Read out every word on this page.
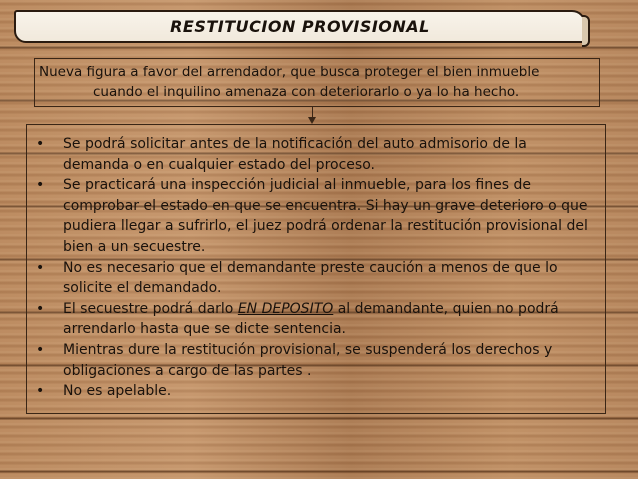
RESTITUCION PROVISIONAL
Nueva figura a favor del arrendador, que busca proteger el bien inmueble
cuando el inquilino amenaza con deteriorarlo o ya lo ha hecho.
• Se podrá solicitar antes de la notificación del auto admisorio de la
demanda o en cualquier estado del proceso.
• Se practicará una inspección judicial al inmueble, para los fines de
comprobar el estado en que se encuentra. Si hay un grave deterioro o que
pudiera llegar a sufrirlo, el juez podrá ordenar la restitución provisional del
bien a un secuestre.
• No es necesario que el demandante preste caución a menos de que lo
solicite el demandado.
• El secuestre podrá darlo EN DEPOSITO al demandante, quien no podrá
arrendarlo hasta que se dicte sentencia.
• Mientras dure la restitución provisional, se suspenderá los derechos y
obligaciones a cargo de las partes .
• No es apelable.
